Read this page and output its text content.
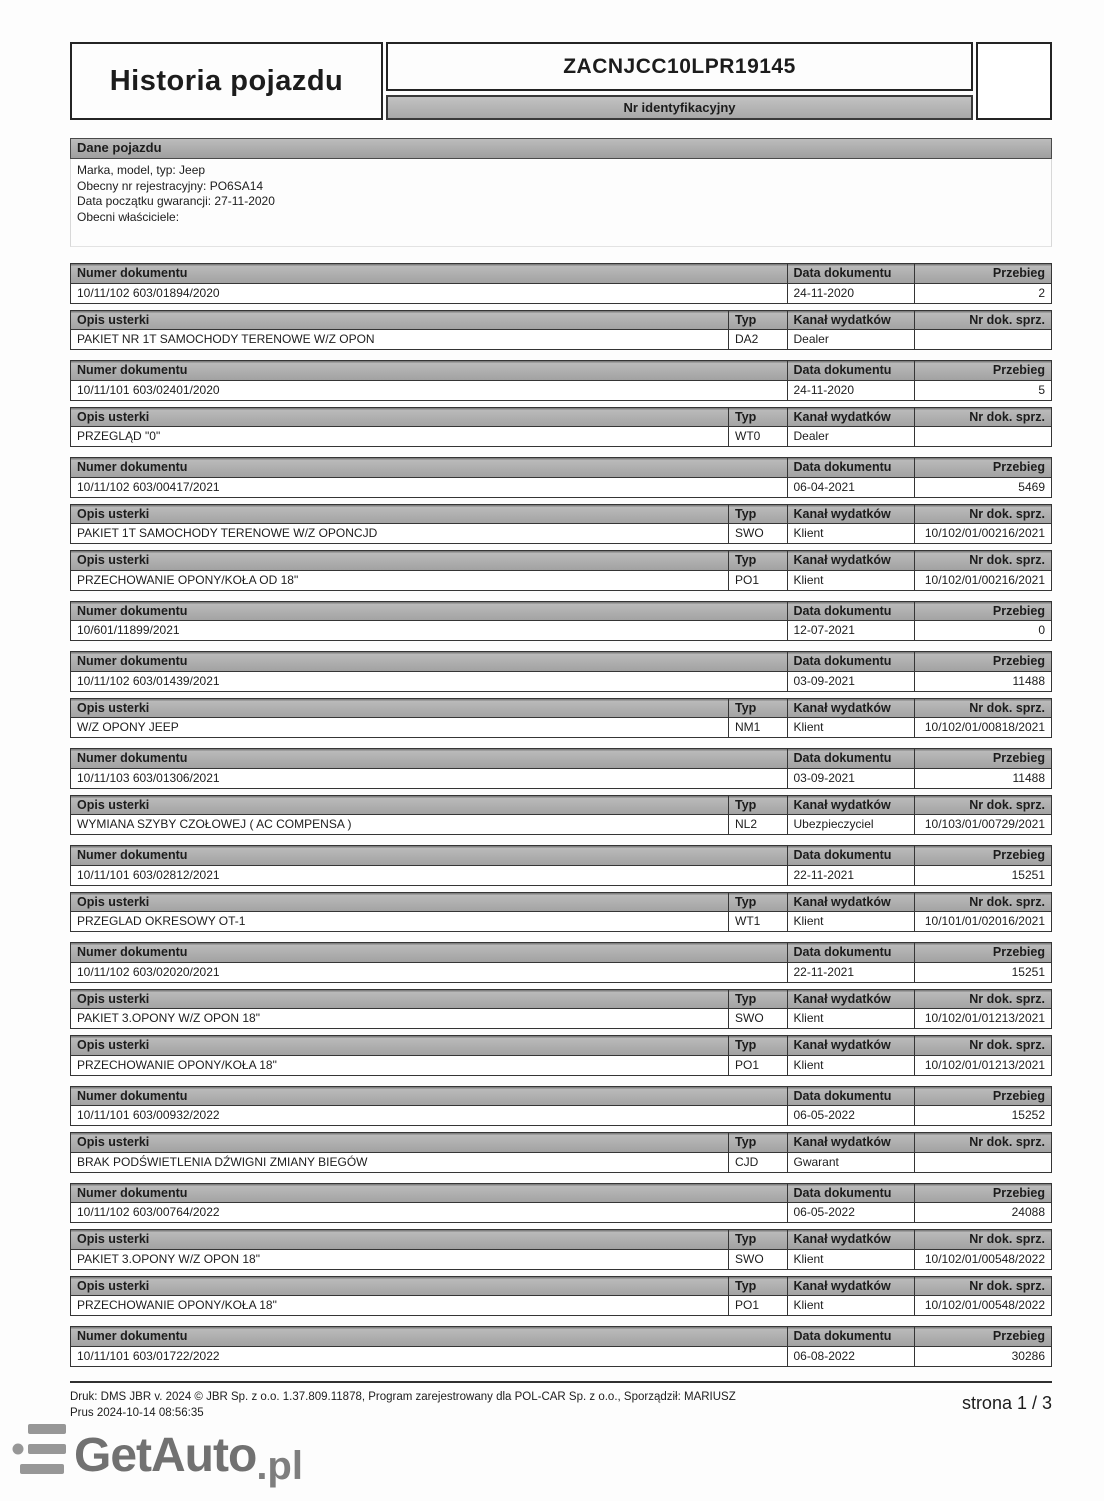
Historia pojazdu	ZACNJCC10LPR19145
Nr identyfikacyjny
Dane pojazdu
Marka, model, typ: Jeep
Obecny nr rejestracyjny: PO6SA14
Data początku gwarancji: 27-11-2020
Obecni właściciele:
Numer dokumentu	Data dokumentu	Przebieg
10/11/102 603/01894/2020	24-11-2020	2
Opis usterki	Typ	Kanał wydatków	Nr dok. sprz.
PAKIET NR 1T SAMOCHODY TERENOWE W/Z OPON	DA2	Dealer
Numer dokumentu	Data dokumentu	Przebieg
10/11/101 603/02401/2020	24-11-2020	5
Opis usterki	Typ	Kanał wydatków	Nr dok. sprz.
PRZEGLĄD "0"	WT0	Dealer
Numer dokumentu	Data dokumentu	Przebieg
10/11/102 603/00417/2021	06-04-2021	5469
Opis usterki	Typ	Kanał wydatków	Nr dok. sprz.
PAKIET 1T SAMOCHODY TERENOWE W/Z OPONCJD	SWO	Klient	10/102/01/00216/2021
Opis usterki	Typ	Kanał wydatków	Nr dok. sprz.
PRZECHOWANIE OPONY/KOŁA OD 18"	PO1	Klient	10/102/01/00216/2021
Numer dokumentu	Data dokumentu	Przebieg
10/601/11899/2021	12-07-2021	0
Numer dokumentu	Data dokumentu	Przebieg
10/11/102 603/01439/2021	03-09-2021	11488
Opis usterki	Typ	Kanał wydatków	Nr dok. sprz.
W/Z OPONY JEEP	NM1	Klient	10/102/01/00818/2021
Numer dokumentu	Data dokumentu	Przebieg
10/11/103 603/01306/2021	03-09-2021	11488
Opis usterki	Typ	Kanał wydatków	Nr dok. sprz.
WYMIANA SZYBY CZOŁOWEJ ( AC COMPENSA )	NL2	Ubezpieczyciel	10/103/01/00729/2021
Numer dokumentu	Data dokumentu	Przebieg
10/11/101 603/02812/2021	22-11-2021	15251
Opis usterki	Typ	Kanał wydatków	Nr dok. sprz.
PRZEGLAD OKRESOWY OT-1	WT1	Klient	10/101/01/02016/2021
Numer dokumentu	Data dokumentu	Przebieg
10/11/102 603/02020/2021	22-11-2021	15251
Opis usterki	Typ	Kanał wydatków	Nr dok. sprz.
PAKIET 3.OPONY W/Z OPON 18"	SWO	Klient	10/102/01/01213/2021
Opis usterki	Typ	Kanał wydatków	Nr dok. sprz.
PRZECHOWANIE OPONY/KOŁA 18"	PO1	Klient	10/102/01/01213/2021
Numer dokumentu	Data dokumentu	Przebieg
10/11/101 603/00932/2022	06-05-2022	15252
Opis usterki	Typ	Kanał wydatków	Nr dok. sprz.
BRAK PODŚWIETLENIA DŹWIGNI ZMIANY BIEGÓW	CJD	Gwarant
Numer dokumentu	Data dokumentu	Przebieg
10/11/102 603/00764/2022	06-05-2022	24088
Opis usterki	Typ	Kanał wydatków	Nr dok. sprz.
PAKIET 3.OPONY W/Z OPON 18"	SWO	Klient	10/102/01/00548/2022
Opis usterki	Typ	Kanał wydatków	Nr dok. sprz.
PRZECHOWANIE OPONY/KOŁA 18"	PO1	Klient	10/102/01/00548/2022
Numer dokumentu	Data dokumentu	Przebieg
10/11/101 603/01722/2022	06-08-2022	30286
Druk: DMS JBR v. 2024 © JBR Sp. z o.o. 1.37.809.11878, Program zarejestrowany dla POL-CAR Sp. z o.o., Sporządził: MARIUSZ
Prus 2024-10-14 08:56:35	strona 1 / 3
GetAuto .pl
